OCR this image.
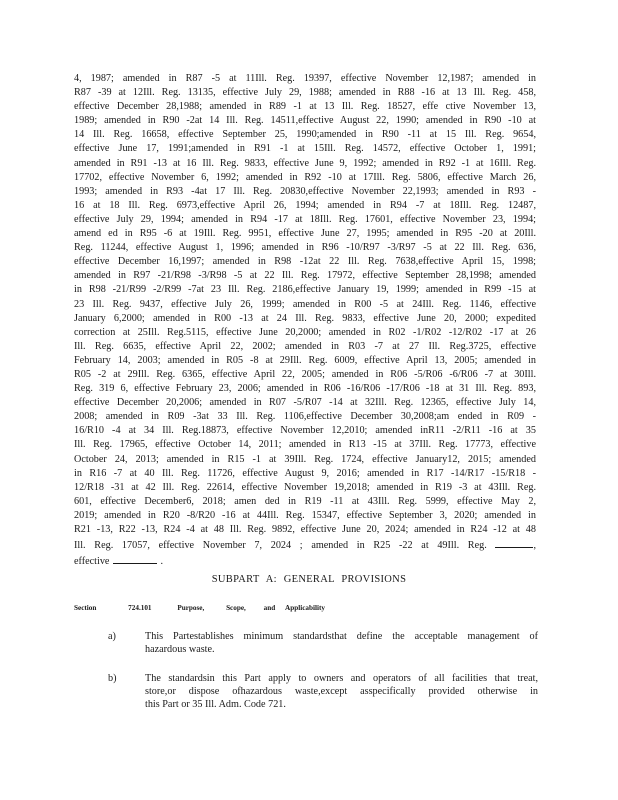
4, 1987; amended in R87 -5 at 11Ill. Reg. 19397, effective November 12,1987; amended in
R87 -39 at 12Ill. Reg. 13135, effective July 29, 1988; amended in R88 -16 at 13 Ill. Reg. 458,
effective December 28,1988; amended in R89 -1 at 13 Ill. Reg. 18527, effe ctive November 13,
1989; amended in R90 -2at 14 Ill. Reg. 14511,effective August 22, 1990; amended in R90 -10 at
14 Ill. Reg. 16658, effective September 25, 1990;amended in R90 -11 at 15 Ill. Reg. 9654,
effective June 17, 1991;amended in R91 -1 at 15Ill. Reg. 14572, effective October 1, 1991;
amended in R91 -13 at 16 Ill. Reg. 9833, effective June 9, 1992; amended in R92 -1 at 16Ill. Reg.
17702, effective November 6, 1992; amended in R92 -10 at 17Ill. Reg. 5806, effective March 26,
1993; amended in R93 -4at 17 Ill. Reg. 20830,effective November 22,1993; amended in R93 -
16 at 18 Ill. Reg. 6973,effective April 26, 1994; amended in R94 -7 at 18Ill. Reg. 12487,
effective July 29, 1994; amended in R94 -17 at 18Ill. Reg. 17601, effective November 23, 1994;
amend ed in R95 -6 at 19Ill. Reg. 9951, effective June 27, 1995; amended in R95 -20 at 20Ill.
Reg. 11244, effective August 1, 1996; amended in R96 -10/R97 -3/R97 -5 at 22 Ill. Reg. 636,
effective December 16,1997; amended in R98 -12at 22 Ill. Reg. 7638,effective April 15, 1998;
amended in R97 -21/R98 -3/R98 -5 at 22 Ill. Reg. 17972, effective September 28,1998; amended
in R98 -21/R99 -2/R99 -7at 23 Ill. Reg. 2186,effective January 19, 1999; amended in R99 -15 at
23 Ill. Reg. 9437, effective July 26, 1999; amended in R00 -5 at 24Ill. Reg. 1146, effective
January 6,2000; amended in R00 -13 at 24 Ill. Reg. 9833, effective June 20, 2000; expedited
correction at 25Ill. Reg.5115, effective June 20,2000; amended in R02 -1/R02 -12/R02 -17 at 26
Ill. Reg. 6635, effective April 22, 2002; amended in R03 -7 at 27 Ill. Reg.3725, effective
February 14, 2003; amended in R05 -8 at 29Ill. Reg. 6009, effective April 13, 2005; amended in
R05 -2 at 29Ill. Reg. 6365, effective April 22, 2005; amended in R06 -5/R06 -6/R06 -7 at 30Ill.
Reg. 319 6, effective February 23, 2006; amended in R06 -16/R06 -17/R06 -18 at 31 Ill. Reg. 893,
effective December 20,2006; amended in R07 -5/R07 -14 at 32Ill. Reg. 12365, effective July 14,
2008; amended in R09 -3at 33 Ill. Reg. 1106,effective December 30,2008;am ended in R09 -
16/R10 -4 at 34 Ill. Reg.18873, effective November 12,2010; amended inR11 -2/R11 -16 at 35
Ill. Reg. 17965, effective October 14, 2011; amended in R13 -15 at 37Ill. Reg. 17773, effective
October 24, 2013; amended in R15 -1 at 39Ill. Reg. 1724, effective January12, 2015; amended
in R16 -7 at 40 Ill. Reg. 11726, effective August 9, 2016; amended in R17 -14/R17 -15/R18 -
12/R18 -31 at 42 Ill. Reg. 22614, effective November 19,2018; amended in R19 -3 at 43Ill. Reg.
601, effective December6, 2018; amen ded in R19 -11 at 43Ill. Reg. 5999, effective May 2,
2019; amended in R20 -8/R20 -16 at 44Ill. Reg. 15347, effective September 3, 2020; amended in
R21 -13, R22 -13, R24 -4 at 48 Ill. Reg. 9892, effective June 20, 2024; amended in R24 -12 at 48
Ill. Reg. 17057, effective November 7, 2024 ; amended in R25 -22 at 49Ill. Reg.	,
effective	.
SUBPART A: GENERAL PROVISIONS
Section	724.101	Purpose,	Scope, and Applicability
a)	This Partestablishes minimum standardsthat define the acceptable management of
hazardous waste.
b)	The standardsin this Part apply to owners and operators of all facilities that treat,
store,or dispose ofhazardous waste,except asspecifically provided otherwise in
this Part or 35 Ill. Adm. Code 721.
